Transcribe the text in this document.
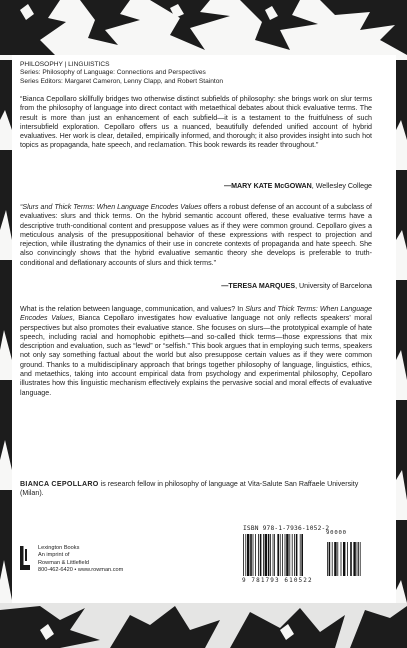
PHILOSOPHY | LINGUISTICS
Series: Philosophy of Language: Connections and Perspectives
Series Editors: Margaret Cameron, Lenny Clapp, and Robert Stainton
“Bianca Cepollaro skillfully bridges two otherwise distinct subfields of philosophy: she brings work on slur terms from the philosophy of language into direct contact with metaethical debates about thick evaluative terms. The result is more than just an enhancement of each subfield—it is a testament to the fruitfulness of such intersubfield exploration. Cepollaro offers us a nuanced, beautifully defended unified account of hybrid evaluatives. Her work is clear, detailed, empirically informed, and thorough; it also provides insight into such hot topics as propaganda, hate speech, and reclamation. This book rewards its reader throughout.”
—MARY KATE McGOWAN, Wellesley College
“Slurs and Thick Terms: When Language Encodes Values offers a robust defense of an account of a subclass of evaluatives: slurs and thick terms. On the hybrid semantic account offered, these evaluative terms have a descriptive truth-conditional content and presuppose values as if they were common ground. Cepollaro gives a meticulous analysis of the presuppositional behavior of these expressions with respect to projection and rejection, while illustrating the dynamics of their use in concrete contexts of propaganda and hate speech. She also convincingly shows that the hybrid evaluative semantic theory she develops is preferable to truth-conditional and deflationary accounts of slurs and thick terms.”
—TERESA MARQUES, University of Barcelona
What is the relation between language, communication, and values? In Slurs and Thick Terms: When Language Encodes Values, Bianca Cepollaro investigates how evaluative language not only reflects speakers’ moral perspectives but also promotes their evaluative stance. She focuses on slurs—the prototypical example of hate speech, including racial and homophobic epithets—and so-called thick terms—those expressions that mix description and evaluation, such as “lewd” or “selfish.” This book argues that in employing such terms, speakers not only say something factual about the world but also presuppose certain values as if they were common ground. Thanks to a multidisciplinary approach that brings together philosophy of language, linguistics, ethics, and metaethics, taking into account empirical data from psychology and experimental philosophy, Cepollaro illustrates how this linguistic mechanism effectively explains the pervasive social and moral effects of evaluative language.
BIANCA CEPOLLARO is research fellow in philosophy of language at Vita-Salute San Raffaele University (Milan).
Lexington Books
An imprint of
Rowman & Littlefield
800-462-6420 • www.rowman.com
ISBN 978-1-7936-1052-2
90000
9 781793 610522
